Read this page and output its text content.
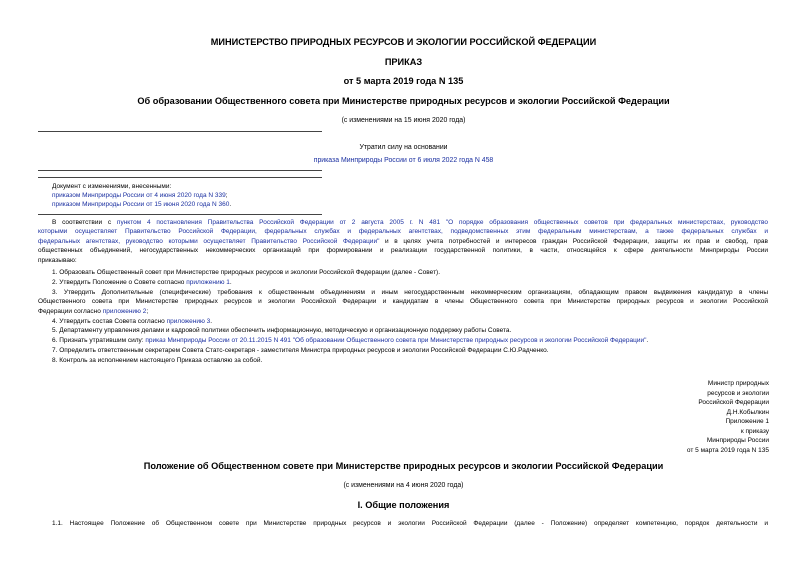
МИНИСТЕРСТВО ПРИРОДНЫХ РЕСУРСОВ И ЭКОЛОГИИ РОССИЙСКОЙ ФЕДЕРАЦИИ
ПРИКАЗ
от 5 марта 2019 года N 135
Об образовании Общественного совета при Министерстве природных ресурсов и экологии Российской Федерации
(с изменениями на 15 июня 2020 года)
Утратил силу на основании
приказа Минприроды России от 6 июля 2022 года N 458
Документ с изменениями, внесенными:
приказом Минприроды России от 4 июня 2020 года N 339;
приказом Минприроды России от 15 июня 2020 года N 360.
В соответствии с пунктом 4 постановления Правительства Российской Федерации от 2 августа 2005 г. N 481 "О порядке образования общественных советов при федеральных министерствах, руководство
которыми осуществляет Правительство Российской Федерации, федеральных службах и федеральных агентствах, подведомственных этим федеральным министерствам, а также федеральных службах и
федеральных агентствах, руководство которыми осуществляет Правительство Российской Федерации" и в целях учета потребностей и интересов граждан Российской Федерации, защиты их прав и свобод, прав
общественных объединений, негосударственных некоммерческих организаций при формировании и реализации государственной политики, в части, относящейся к сфере деятельности Минприроды России
приказываю:
1. Образовать Общественный совет при Министерстве природных ресурсов и экологии Российской Федерации (далее - Совет).
2. Утвердить Положение о Совете согласно приложению 1.
3. Утвердить Дополнительные (специфические) требования к общественным объединениям и иным негосударственным некоммерческим организациям, обладающим правом выдвижения кандидатур в члены
Общественного совета при Министерстве природных ресурсов и экологии Российской Федерации и кандидатам в члены Общественного совета при Министерстве природных ресурсов и экологии Российской
Федерации согласно приложению 2;
4. Утвердить состав Совета согласно приложению 3.
5. Департаменту управления делами и кадровой политики обеспечить информационную, методическую и организационную поддержку работы Совета.
6. Признать утратившим силу: приказ Минприроды России от 20.11.2015 N 491 "Об образовании Общественного совета при Министерстве природных ресурсов и экологии Российской Федерации".
7. Определить ответственным секретарем Совета Статс-секретаря - заместителя Министра природных ресурсов и экологии Российской Федерации С.Ю.Радченко.
8. Контроль за исполнением настоящего Приказа оставляю за собой.
Министр природных
ресурсов и экологии
Российской Федерации
Д.Н.Кобылкин
Приложение 1
к приказу
Минприроды России
от 5 марта 2019 года N 135
Положение об Общественном совете при Министерстве природных ресурсов и экологии Российской Федерации
(с изменениями на 4 июня 2020 года)
I. Общие положения
1.1. Настоящее Положение об Общественном совете при Министерстве природных ресурсов и экологии Российской Федерации (далее - Положение) определяет компетенцию, порядок деятельности и
